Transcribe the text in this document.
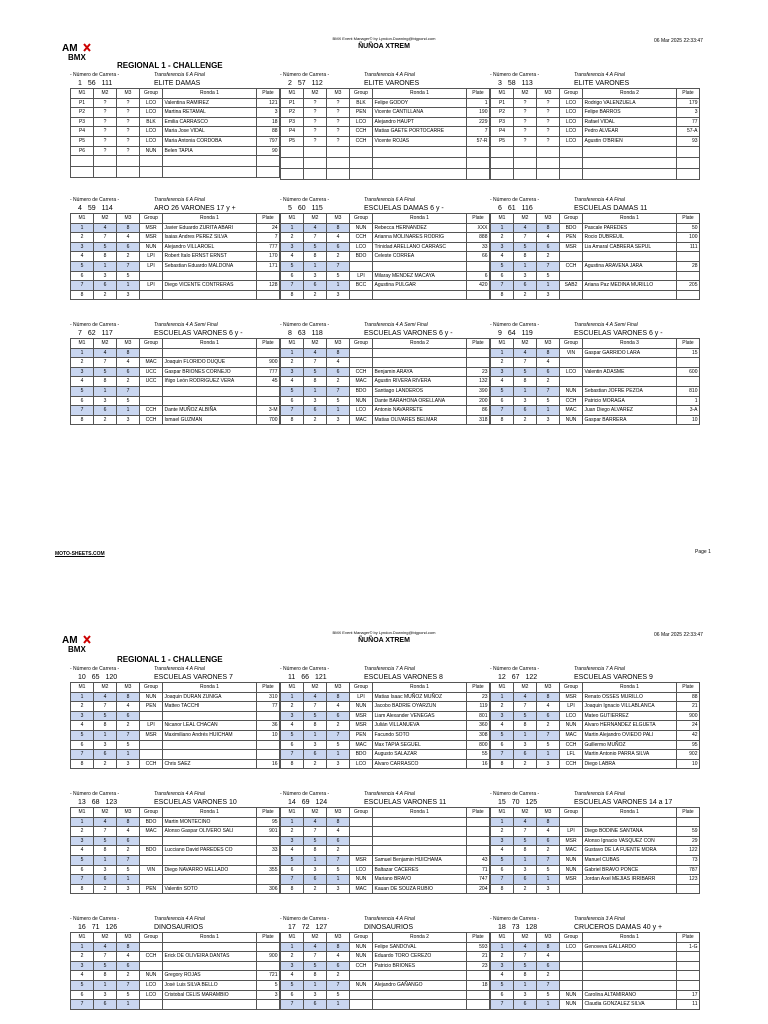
AM
BMX
BMX Event Manager© by Lyndon.Downing@bigpond.com
ÑUÑOA XTREM
06 Mar 2025 22:33:47
REGIONAL 1 - CHALLENGE
- Número de Carrera -	Transferencia 6 A Final
1 56 111	ELITE DAMAS
M1	M2	M3	Group	Ronda 1	Plate
P1	?	?	LCO	Valentina RAMIREZ	121
P2	?	?	LCO	Martina RETAMAL	3
P3	?	?	BLK	Emilia CARRASCO	18
P4	?	?	LCO	Maria Jose VIDAL	88
P5	?	?	LCO	Maria Antonia CORDOBA	797
P6	?	?	NUN	Belen TAPIA	90

- Número de Carrera -	Transferencia 4 A Final
2 57 112	ELITE VARONES
M1	M2	M3	Group	Ronda 1	Plate
P1	?	?	BLK	Felipe GODOY	1
P2	?	?	PEN	Vicente CANTILLANA	190
P3	?	?	LCO	Alejandro HAUPT	229
P4	?	?	CCH	Matias GAETE PORTOCARRE	7
P5	?	?	CCH	Vicente ROJAS	57-R

- Número de Carrera -	Transferencia 4 A Final
3 58 113	ELITE VARONES
M1	M2	M3	Group	Ronda 2	Plate
P1	?	?	LCO	Rodrigo VALENZUELA	179
P2	?	?	LCO	Felipe BARROS	3
P3	?	?	LCO	Rafael VIDAL	77
P4	?	?	LCO	Pedro ALVEAR	57-A
P5	?	?	LCO	Agustin O'BRIEN	93

- Número de Carrera -	Transferencia 6 A Final
4 59 114	ARO 26 VARONES 17 y +
M1	M2	M3	Group	Ronda 1	Plate
1	4	8	MSR	Javier Eduardo ZURITA ABARI	24
2	7	4	MSR	Isaias Andres PEREZ SILVA	7
3	5	6	NUN	Alejandro VILLAROEL	777
4	8	2	LPI	Robert Italo ERNST ERNST	170
5	1	7	LPI	Sebastian Eduardo MALDONA	171
6	3	5			
7	6	1	LPI	Diego VICENTE CONTRERAS	128
8	2	3			
- Número de Carrera -	Transferencia 6 A Final
5 60 115	ESCUELAS DAMAS 6 y -
M1	M2	M3	Group	Ronda 1	Plate
1	4	8	NUN	Rebecca HERNANDEZ	XXX
2	7	4	CCH	Arianna MOLINARES RODRIG	888
3	5	6	LCO	Trinidad ARELLANO CARRASC	33
4	8	2	BDO	Celeste CORREA	66
5	1	7			
6	3	5	LPI	Milaray MENDEZ MACAYA	6
7	6	1	BCC	Agustina PULGAR	420
8	2	3			
- Número de Carrera -	Transferencia 4 A Final
6 61 116	ESCUELAS DAMAS 11
M1	M2	M3	Group	Ronda 1	Plate
1	4	8	BDO	Pascale PAREDES	50
2	7	4	PEN	Rocio DUBREUIL	100
3	5	6	MSR	Lia Amaral CABRERA SEPUL	111
4	8	2			
5	1	7	CCH	Agustina ARAVENA JARA	28
6	3	5			
7	6	1	SAB2	Ariana Paz MEDINA MURILLO	205
8	2	3			
- Número de Carrera -	Transferencia 4 A Semi Final
7 62 117	ESCUELAS VARONES 6 y -
M1	M2	M3	Group	Ronda 1	Plate
1	4	8			
2	7	4	MAC	Joaquin FLORIDO DUQUE	900
3	5	6	UCC	Gaspar BRIONES CORNEJO	777
4	8	2	UCC	Iñigo León RODRIGUEZ VERA	45
5	1	7			
6	3	5			
7	6	1	CCH	Dante MUÑOZ ALBIÑA	3-M
8	2	3	CCH	Ismael GUZMAN	700
- Número de Carrera -	Transferencia 4 A Semi Final
8 63 118	ESCUELAS VARONES 6 y -
M1	M2	M3	Group	Ronda 2	Plate
1	4	8			
2	7	4			
3	5	6	CCH	Benjamin ARAYA	23
4	8	2	MAC	Agustin RIVERA RIVERA	132
5	1	7	BDO	Santiago LANDEROS	390
6	3	5	NUN	Dante BARAHONA ORELLANA	200
7	6	1	LCO	Antonio NAVARRETE	86
8	2	3	MAC	Matias OLIVARES BELMAR	318
- Número de Carrera -	Transferencia 4 A Semi Final
9 64 119	ESCUELAS VARONES 6 y -
M1	M2	M3	Group	Ronda 3	Plate
1	4	8	VIN	Gaspar GARRIDO LARA	15
2	7	4			
3	5	6	LCO	Valentin ADASME	600
4	8	2			
5	1	7	NUN	Sebastian JOFRE PEZOA	810
6	3	5	CCH	Patricio MORAGA	1
7	6	1	MAC	Juan Diego ALVAREZ	3-A
8	2	3	NUN	Gaspar BARRERA	10
MOTO-SHEETS.COM	Page 1
AM
BMX
BMX Event Manager© by Lyndon.Downing@bigpond.com
ÑUÑOA XTREM
06 Mar 2025 22:33:47
REGIONAL 1 - CHALLENGE
- Número de Carrera -	Transferencia 4 A Final
10 65 120	ESCUELAS VARONES 7
M1	M2	M3	Group	Ronda 1	Plate
1	4	8	NUN	Joaquin DURAN ZUNIGA	310
2	7	4	PEN	Matteo TACCHI	77
3	5	6			
4	8	2	LPI	Nicanor LEAL CHACAN	36
5	1	7	MSR	Maximiliano Andrés HUICHAM	10
6	3	5			
7	6	1			
8	2	3	CCH	Chris SAEZ	16
- Número de Carrera -	Transferencia 7 A Final
11 66 121	ESCUELAS VARONES 8
M1	M2	M3	Group	Ronda 1	Plate
1	4	8	LPI	Matias Isaac MUÑOZ MUÑOZ	23
2	7	4	NUN	Jacobo BADRIE OYARZUN	119
3	5	6	MSR	Liam Alexander VENEGAS	801
4	8	2	MSR	Julián VILLANUEVA	360
5	1	7	PEN	Facundo SOTO	308
6	3	5	MAC	Max TAPIA SEGUEL	800
7	6	1	BDO	Augusto SALAZAR	55
8	2	3	LCO	Alvaro CARRASCO	16
- Número de Carrera -	Transferencia 7 A Final
12 67 122	ESCUELAS VARONES 9
M1	M2	M3	Group	Ronda 1	Plate
1	4	8	MSR	Renato OSSES MURILLO	88
2	7	4	LPI	Joaquin Ignacio VILLABLANCA	21
3	5	6	LCO	Mateo GUTIERREZ	900
4	8	2	NUN	Alvaro HERNANDEZ ELGUETA	24
5	1	7	MAC	Martin Alejandro OVIEDO PALI	42
6	3	5	CCH	Guillermo MUÑOZ	95
7	6	1	LFL	Martin Antonio PARRA SILVA	902
8	2	3	CCH	Diego LABRA	10
- Número de Carrera -	Transferencia 4 A Final
13 68 123	ESCUELAS VARONES 10
M1	M2	M3	Group	Ronda 1	Plate
1	4	8	BDO	Martin MONTECINO	95
2	7	4	MAC	Alonso Gaspar OLIVERO SALI	901
3	5	6			
4	8	2	BDO	Lucciano David PAREDES CO	33
5	1	7			
6	3	5	VIN	Diego NAVARRO MELLADO	355
7	6	1			
8	2	3	PEN	Valentin SOTO	306
- Número de Carrera -	Transferencia 4 A Final
14 69 124	ESCUELAS VARONES 11
M1	M2	M3	Group	Ronda 1	Plate
1	4	8			
2	7	4			
3	5	6			
4	8	2			
5	1	7	MSR	Samuel Benjamin HUICHAMA	43
6	3	5	LCO	Baltazar CACERES	71
7	6	1	NUN	Mariano BRAVO	747
8	2	3	MAC	Kauan DE SOUZA RUBIO	204
- Número de Carrera -	Transferencia 6 A Final
15 70 125	ESCUELAS VARONES 14 a 17
M1	M2	M3	Group	Ronda 1	Plate
1	4	8			
2	7	4	LPI	Diego BODINE SANTANA	59
3	5	6	MSR	Alonso Ignacio VASQUEZ CON	29
4	8	2	MAC	Gustavo DE LA FUENTE MORA	122
5	1	7	NUN	Manuel CUBAS	73
6	3	5	NUN	Gabriel BRAVO PONCE	787
7	6	1	MSR	Jordan Axel MEJIAS IRRIBARR	123
8	2	3			
- Número de Carrera -	Transferencia 4 A Final
16 71 126	DINOSAURIOS
M1	M2	M3	Group	Ronda 1	Plate
1	4	8			
2	7	4	CCH	Erick DE OLIVEIRA DANTAS	900
3	5	6			
4	8	2	NUN	Gregory ROJAS	721
5	1	7	LCO	José Luis SILVA BELLO	5
6	3	5	LCO	Cristobal CELIS MARAMBIO	3
7	6	1			
- Número de Carrera -	Transferencia 4 A Final
17 72 127	DINOSAURIOS
M1	M2	M3	Group	Ronda 2	Plate
1	4	8	NUN	Felipe SANDOVAL	593
2	7	4	NUN	Eduardo TORO CEREZO	21
3	5	6	CCH	Patricio BRIONES	23
4	8	2			
5	1	7	NUN	Alejandro GAÑANGO	18
6	3	5			
7	6	1			
- Número de Carrera -	Transferencia 3 A Final
18 73 128	CRUCEROS DAMAS 40 y +
M1	M2	M3	Group	Ronda 1	Plate
1	4	8	LCO	Genoveva GALLARDO	1-G
2	7	4			
3	5	6			
4	8	2			
5	1	7			
6	3	5	NUN	Carolina ALTAMIRANO	17
7	6	1	NUN	Claudia GONZALEZ SILVA	11
